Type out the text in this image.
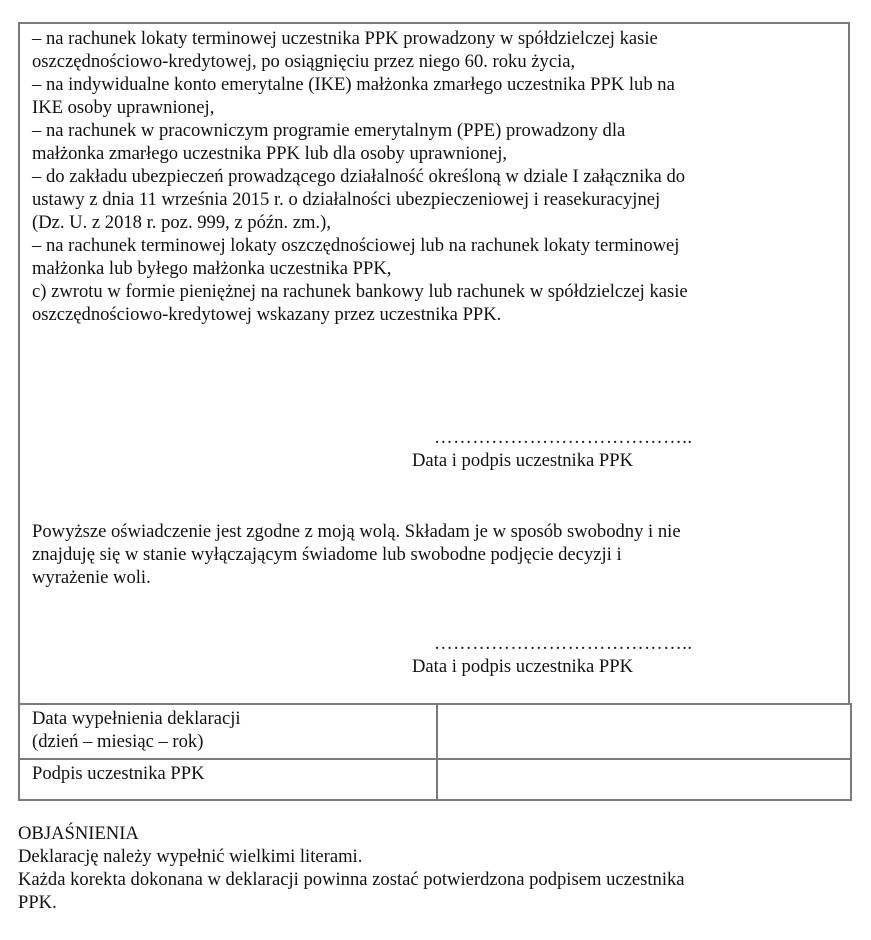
– na rachunek lokaty terminowej uczestnika PPK prowadzony w spółdzielczej kasie
oszczędnościowo-kredytowej, po osiągnięciu przez niego 60. roku życia,
– na indywidualne konto emerytalne (IKE) małżonka zmarłego uczestnika PPK lub na
IKE osoby uprawnionej,
– na rachunek w pracowniczym programie emerytalnym (PPE) prowadzony dla
małżonka zmarłego uczestnika PPK lub dla osoby uprawnionej,
– do zakładu ubezpieczeń prowadzącego działalność określoną w dziale I załącznika do
ustawy z dnia 11 września 2015 r. o działalności ubezpieczeniowej i reasekuracyjnej
(Dz. U. z 2018 r. poz. 999, z późn. zm.),
– na rachunek terminowej lokaty oszczędnościowej lub na rachunek lokaty terminowej
małżonka lub byłego małżonka uczestnika PPK,
c) zwrotu w formie pieniężnej na rachunek bankowy lub rachunek w spółdzielczej kasie
oszczędnościowo-kredytowej wskazany przez uczestnika PPK.
…………………………………..
Data i podpis uczestnika PPK
Powyższe oświadczenie jest zgodne z moją wolą. Składam je w sposób swobodny i nie
znajduję się w stanie wyłączającym świadome lub swobodne podjęcie decyzji i
wyrażenie woli.
…………………………………..
Data i podpis uczestnika PPK
Data wypełnienia deklaracji
(dzień – miesiąc – rok)	

Podpis uczestnika PPK	

OBJAŚNIENIA
Deklarację należy wypełnić wielkimi literami.
Każda korekta dokonana w deklaracji powinna zostać potwierdzona podpisem uczestnika
PPK.
